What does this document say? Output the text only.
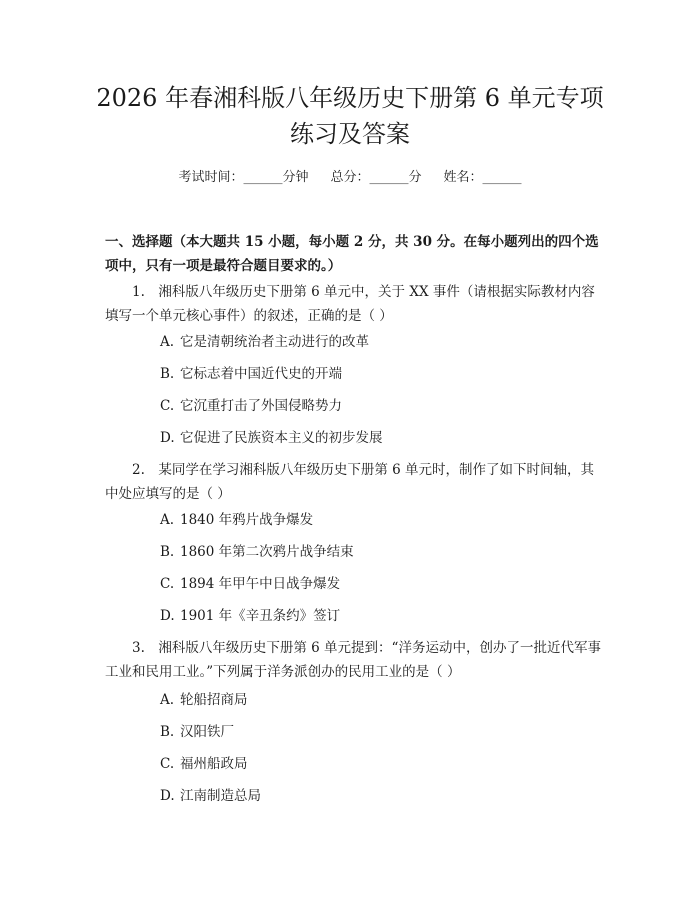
2026 年春湘科版八年级历史下册第 6 单元专项练习及答案
考试时间：______分钟 总分：______分 姓名：______

一、选择题（本大题共 15 小题，每小题 2 分，共 30 分。在每小题列出的四个选项中，只有一项是最符合题目要求的。）

1.　湘科版八年级历史下册第 6 单元中，关于 XX 事件（请根据实际教材内容填写一个单元核心事件）的叙述，正确的是（ ）

A. 它是清朝统治者主动进行的改革
B. 它标志着中国近代史的开端
C. 它沉重打击了外国侵略势力
D. 它促进了民族资本主义的初步发展

2.　某同学在学习湘科版八年级历史下册第 6 单元时，制作了如下时间轴，其中处应填写的是（ ）

A. 1840 年鸦片战争爆发
B. 1860 年第二次鸦片战争结束
C. 1894 年甲午中日战争爆发
D. 1901 年《辛丑条约》签订

3.　湘科版八年级历史下册第 6 单元提到：“洋务运动中，创办了一批近代军事工业和民用工业。”下列属于洋务派创办的民用工业的是（ ）

A. 轮船招商局
B. 汉阳铁厂
C. 福州船政局
D. 江南制造总局
